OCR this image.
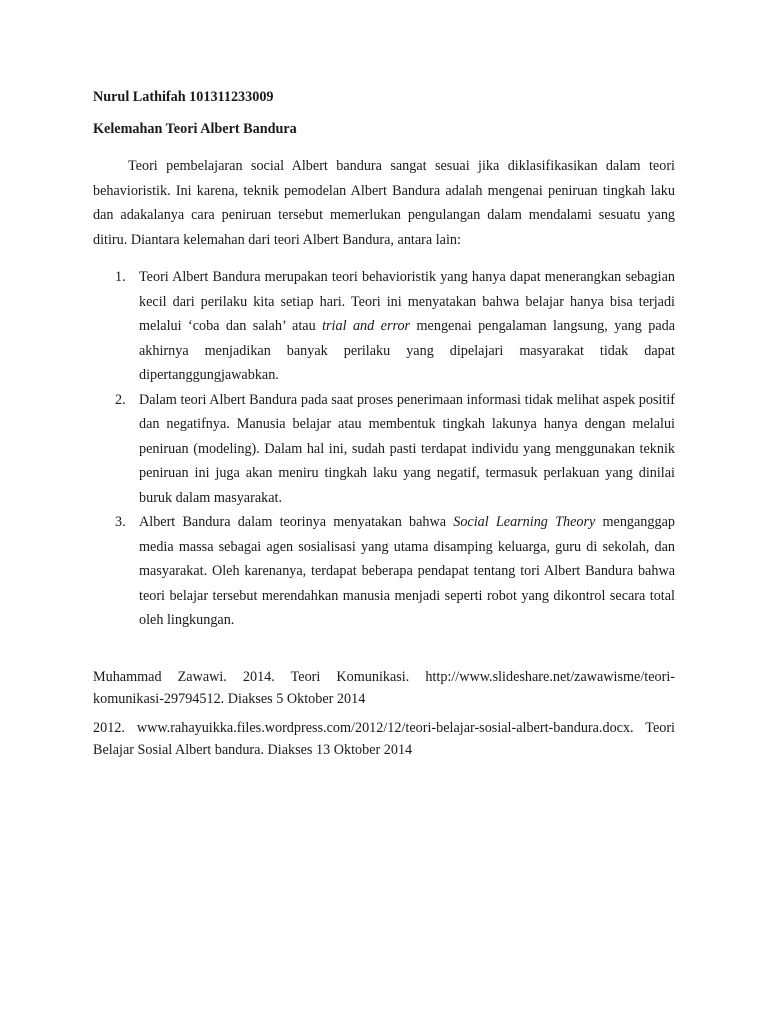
Nurul Lathifah 101311233009
Kelemahan Teori Albert Bandura

Teori pembelajaran social Albert bandura sangat sesuai jika diklasifikasikan dalam teori behavioristik. Ini karena, teknik pemodelan Albert Bandura adalah mengenai peniruan tingkah laku dan adakalanya cara peniruan tersebut memerlukan pengulangan dalam mendalami sesuatu yang ditiru. Diantara kelemahan dari teori Albert Bandura, antara lain:

1. Teori Albert Bandura merupakan teori behavioristik yang hanya dapat menerangkan sebagian kecil dari perilaku kita setiap hari. Teori ini menyatakan bahwa belajar hanya bisa terjadi melalui ‘coba dan salah’ atau trial and error mengenai pengalaman langsung, yang pada akhirnya menjadikan banyak perilaku yang dipelajari masyarakat tidak dapat dipertanggungjawabkan.
2. Dalam teori Albert Bandura pada saat proses penerimaan informasi tidak melihat aspek positif dan negatifnya. Manusia belajar atau membentuk tingkah lakunya hanya dengan melalui peniruan (modeling). Dalam hal ini, sudah pasti terdapat individu yang menggunakan teknik peniruan ini juga akan meniru tingkah laku yang negatif, termasuk perlakuan yang dinilai buruk dalam masyarakat.
3. Albert Bandura dalam teorinya menyatakan bahwa Social Learning Theory menganggap media massa sebagai agen sosialisasi yang utama disamping keluarga, guru di sekolah, dan masyarakat. Oleh karenanya, terdapat beberapa pendapat tentang tori Albert Bandura bahwa teori belajar tersebut merendahkan manusia menjadi seperti robot yang dikontrol secara total oleh lingkungan.

Muhammad Zawawi. 2014. Teori Komunikasi. http://www.slideshare.net/zawawisme/teori-komunikasi-29794512. Diakses 5 Oktober 2014

2012. www.rahayuikka.files.wordpress.com/2012/12/teori-belajar-sosial-albert-bandura.docx. Teori Belajar Sosial Albert bandura. Diakses 13 Oktober 2014
